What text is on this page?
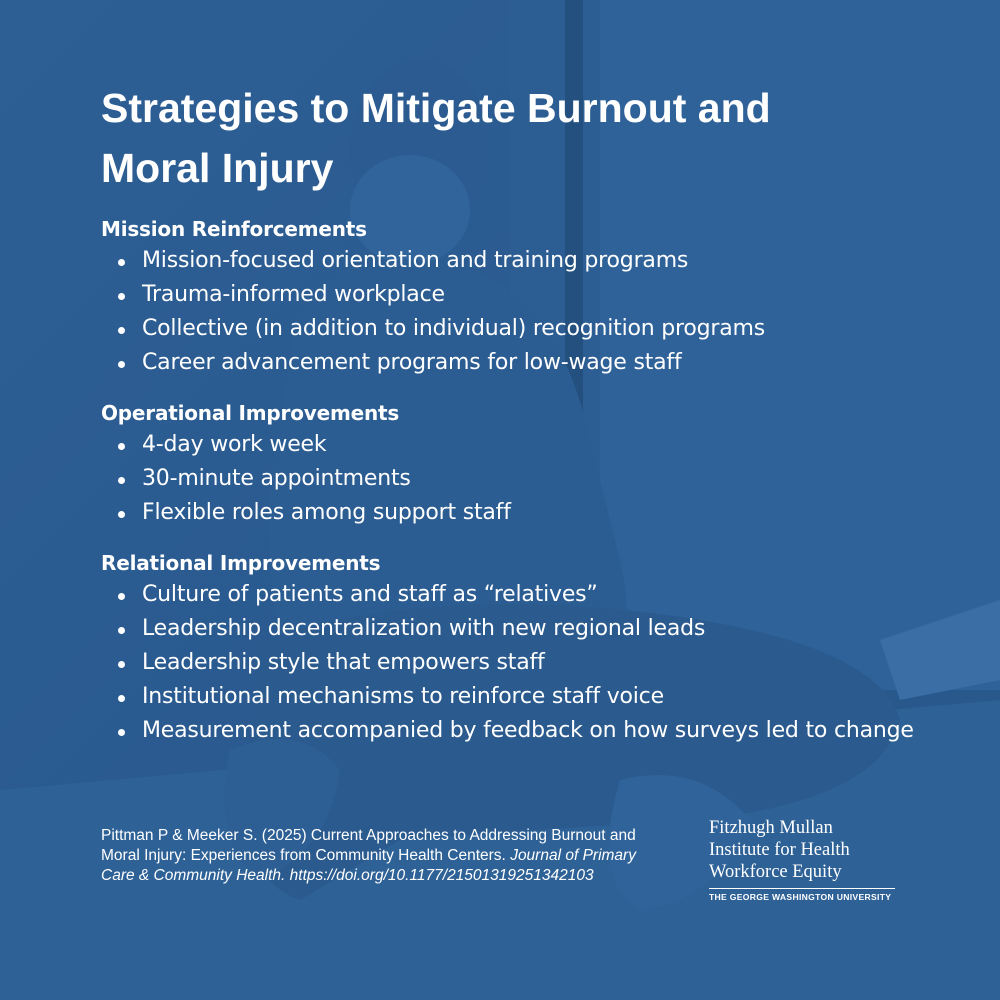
Strategies to Mitigate Burnout and Moral Injury
Mission Reinforcements
Mission-focused orientation and training programs
Trauma-informed workplace
Collective (in addition to individual) recognition programs
Career advancement programs for low-wage staff
Operational Improvements
4-day work week
30-minute appointments
Flexible roles among support staff
Relational Improvements
Culture of patients and staff as “relatives”
Leadership decentralization with new regional leads
Leadership style that empowers staff
Institutional mechanisms to reinforce staff voice
Measurement accompanied by feedback on how surveys led to change
Pittman P & Meeker S. (2025) Current Approaches to Addressing Burnout and Moral Injury: Experiences from Community Health Centers. Journal of Primary Care & Community Health. https://doi.org/10.1177/21501319251342103
Fitzhugh Mullan
Institute for Health
Workforce Equity
THE GEORGE WASHINGTON UNIVERSITY
